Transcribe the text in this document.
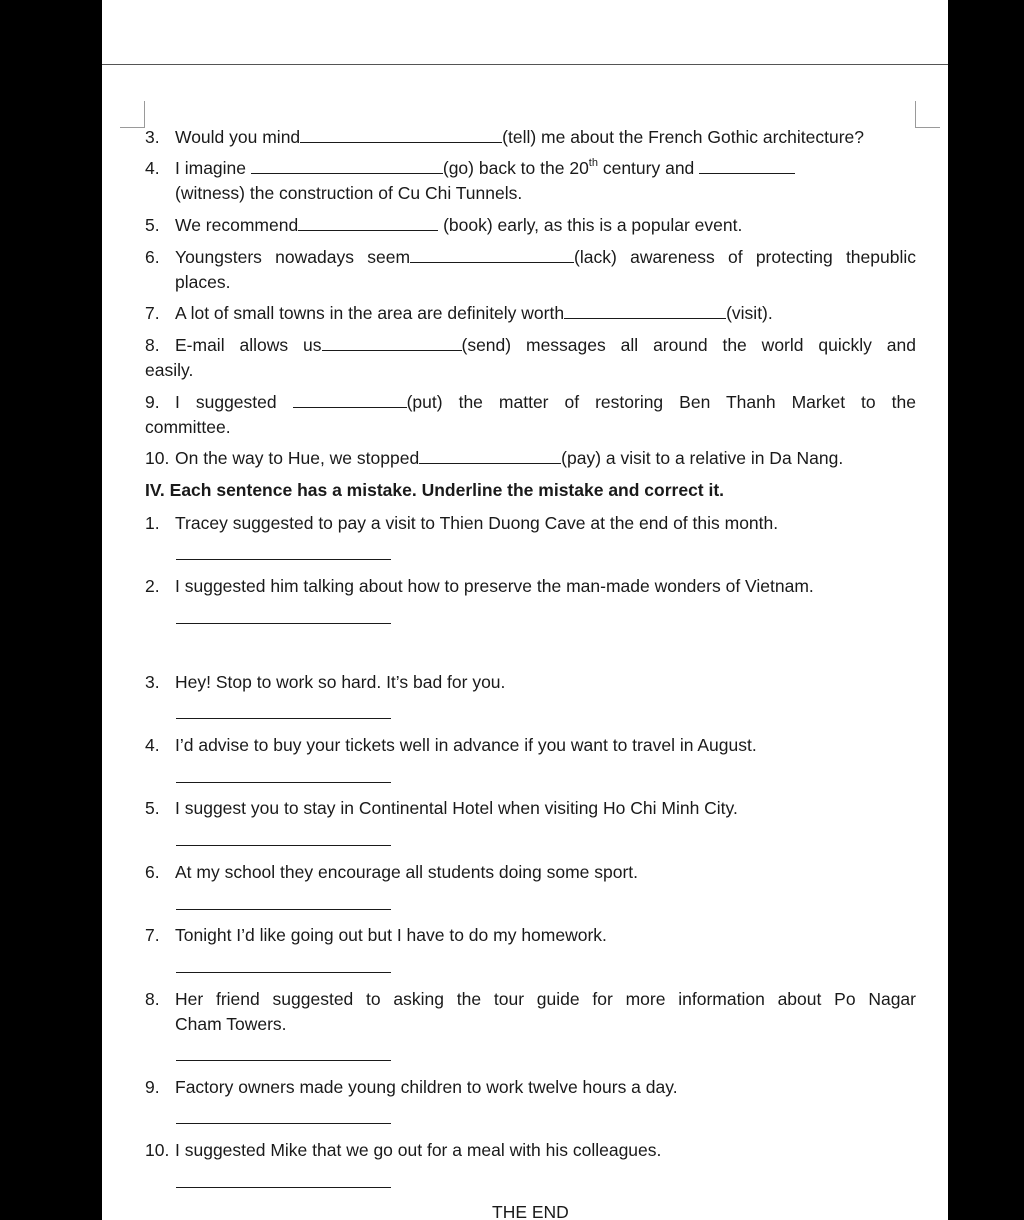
3. Would you mind	(tell) me about the French Gothic architecture?
4. I imagine	(go) back to the 20th century and
(witness) the construction of Cu Chi Tunnels.
5. We recommend	(book) early, as this is a popular event.
6. Youngsters nowadays seem	(lack) awareness of protecting thepublic
places.
7. A lot of small towns in the area are definitely worth	(visit).
8. E-mail allows us	(send) messages all around the world quickly and
easily.
9. I suggested	(put) the matter of restoring Ben Thanh Market to the
committee.
10. On the way to Hue, we stopped	(pay) a visit to a relative in Da Nang.
IV. Each sentence has a mistake. Underline the mistake and correct it.
1. Tracey suggested to pay a visit to Thien Duong Cave at the end of this month.
2. I suggested him talking about how to preserve the man-made wonders of Vietnam.
3. Hey! Stop to work so hard. It’s bad for you.
4. I’d advise to buy your tickets well in advance if you want to travel in August.
5. I suggest you to stay in Continental Hotel when visiting Ho Chi Minh City.
6. At my school they encourage all students doing some sport.
7. Tonight I’d like going out but I have to do my homework.
8. Her friend suggested to asking the tour guide for more information about Po Nagar
Cham Towers.
9. Factory owners made young children to work twelve hours a day.
10. I suggested Mike that we go out for a meal with his colleagues.
THE END
